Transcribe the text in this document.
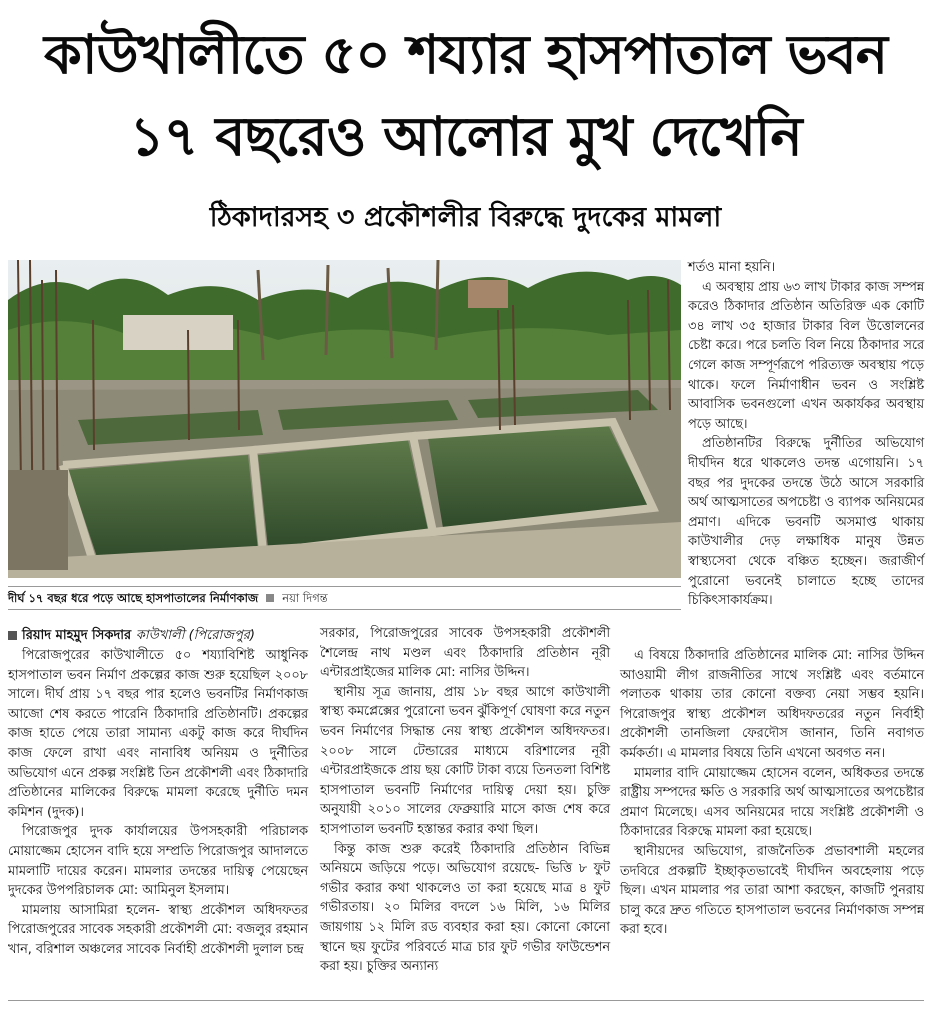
কাউখালীতে ৫০ শয্যার হাসপাতাল ভবন
১৭ বছরেও আলোর মুখ দেখেনি
ঠিকাদারসহ ৩ প্রকৌশলীর বিরুদ্ধে দুদকের মামলা
দীর্ঘ ১৭ বছর ধরে পড়ে আছে হাসপাতালের নির্মাণকাজ নয়া দিগন্ত
রিয়াদ মাহমুদ সিকদার কাউখালী (পিরোজপুর)

পিরোজপুরের কাউখালীতে ৫০ শয্যাবিশিষ্ট আধুনিক হাসপাতাল ভবন নির্মাণ প্রকল্পের কাজ শুরু হয়েছিল ২০০৮ সালে। দীর্ঘ প্রায় ১৭ বছর পার হলেও ভবনটির নির্মাণকাজ আজো শেষ করতে পারেনি ঠিকাদারি প্রতিষ্ঠানটি। প্রকল্পের কাজ হাতে পেয়ে তারা সামান্য একটু কাজ করে দীর্ঘদিন কাজ ফেলে রাখা এবং নানাবিধ অনিয়ম ও দুর্নীতির অভিযোগ এনে প্রকল্প সংশ্লিষ্ট তিন প্রকৌশলী এবং ঠিকাদারি প্রতিষ্ঠানের মালিকের বিরুদ্ধে মামলা করেছে দুর্নীতি দমন কমিশন (দুদক)।

পিরোজপুর দুদক কার্যালয়ের উপসহকারী পরিচালক মোয়াজ্জেম হোসেন বাদি হয়ে সম্প্রতি পিরোজপুর আদালতে মামলাটি দায়ের করেন। মামলার তদন্তের দায়িত্ব পেয়েছেন দুদকের উপপরিচালক মো: আমিনুল ইসলাম।

মামলায় আসামিরা হলেন- স্বাস্থ্য প্রকৌশল অধিদফতর পিরোজপুরের সাবেক সহকারী প্রকৌশলী মো: বজলুর রহমান খান, বরিশাল অঞ্চলের সাবেক নির্বাহী প্রকৌশলী দুলাল চন্দ্র

সরকার, পিরোজপুরের সাবেক উপসহকারী প্রকৌশলী শৈলেন্দ্র নাথ মণ্ডল এবং ঠিকাদারি প্রতিষ্ঠান নূরী এন্টারপ্রাইজের মালিক মো: নাসির উদ্দিন।

স্থানীয় সূত্র জানায়, প্রায় ১৮ বছর আগে কাউখালী স্বাস্থ্য কমপ্লেক্সের পুরোনো ভবন ঝুঁকিপূর্ণ ঘোষণা করে নতুন ভবন নির্মাণের সিদ্ধান্ত নেয় স্বাস্থ্য প্রকৌশল অধিদফতর। ২০০৮ সালে টেন্ডারের মাধ্যমে বরিশালের নূরী এন্টারপ্রাইজকে প্রায় ছয় কোটি টাকা ব্যয়ে তিনতলা বিশিষ্ট হাসপাতাল ভবনটি নির্মাণের দায়িত্ব দেয়া হয়। চুক্তি অনুযায়ী ২০১০ সালের ফেব্রুয়ারি মাসে কাজ শেষ করে হাসপাতাল ভবনটি হস্তান্তর করার কথা ছিল।

কিন্তু কাজ শুরু করেই ঠিকাদারি প্রতিষ্ঠান বিভিন্ন অনিয়মে জড়িয়ে পড়ে। অভিযোগ রয়েছে- ভিত্তি ৮ ফুট গভীর করার কথা থাকলেও তা করা হয়েছে মাত্র ৪ ফুট গভীরতায়। ২০ মিলির বদলে ১৬ মিলি, ১৬ মিলির জায়গায় ১২ মিলি রড ব্যবহার করা হয়। কোনো কোনো স্থানে ছয় ফুটের পরিবর্তে মাত্র চার ফুট গভীর ফাউন্ডেশন করা হয়। চুক্তির অন্যান্য

শর্তও মানা হয়নি।

এ অবস্থায় প্রায় ৬৩ লাখ টাকার কাজ সম্পন্ন করেও ঠিকাদার প্রতিষ্ঠান অতিরিক্ত এক কোটি ৩৪ লাখ ৩৫ হাজার টাকার বিল উত্তোলনের চেষ্টা করে। পরে চলতি বিল নিয়ে ঠিকাদার সরে গেলে কাজ সম্পূর্ণরূপে পরিত্যক্ত অবস্থায় পড়ে থাকে। ফলে নির্মাণাধীন ভবন ও সংশ্লিষ্ট আবাসিক ভবনগুলো এখন অকার্যকর অবস্থায় পড়ে আছে।

প্রতিষ্ঠানটির বিরুদ্ধে দুর্নীতির অভিযোগ দীর্ঘদিন ধরে থাকলেও তদন্ত এগোয়নি। ১৭ বছর পর দুদকের তদন্তে উঠে আসে সরকারি অর্থ আত্মসাতের অপচেষ্টা ও ব্যাপক অনিয়মের প্রমাণ। এদিকে ভবনটি অসমাপ্ত থাকায় কাউখালীর দেড় লক্ষাধিক মানুষ উন্নত স্বাস্থ্যসেবা থেকে বঞ্চিত হচ্ছেন। জরাজীর্ণ পুরোনো ভবনেই চালাতে হচ্ছে তাদের চিকিৎসাকার্যক্রম।

এ বিষয়ে ঠিকাদারি প্রতিষ্ঠানের মালিক মো: নাসির উদ্দিন আওয়ামী লীগ রাজনীতির সাথে সংশ্লিষ্ট এবং বর্তমানে পলাতক থাকায় তার কোনো বক্তব্য নেয়া সম্ভব হয়নি। পিরোজপুর স্বাস্থ্য প্রকৌশল অধিদফতরের নতুন নির্বাহী প্রকৌশলী তানজিলা ফেরদৌস জানান, তিনি নবাগত কর্মকর্তা। এ মামলার বিষয়ে তিনি এখনো অবগত নন।

মামলার বাদি মোয়াজ্জেম হোসেন বলেন, অধিকতর তদন্তে রাষ্ট্রীয় সম্পদের ক্ষতি ও সরকারি অর্থ আত্মসাতের অপচেষ্টার প্রমাণ মিলেছে। এসব অনিয়মের দায়ে সংশ্লিষ্ট প্রকৌশলী ও ঠিকাদারের বিরুদ্ধে মামলা করা হয়েছে।

স্থানীয়দের অভিযোগ, রাজনৈতিক প্রভাবশালী মহলের তদবিরে প্রকল্পটি ইচ্ছাকৃতভাবেই দীর্ঘদিন অবহেলায় পড়ে ছিল। এখন মামলার পর তারা আশা করছেন, কাজটি পুনরায় চালু করে দ্রুত গতিতে হাসপাতাল ভবনের নির্মাণকাজ সম্পন্ন করা হবে।
